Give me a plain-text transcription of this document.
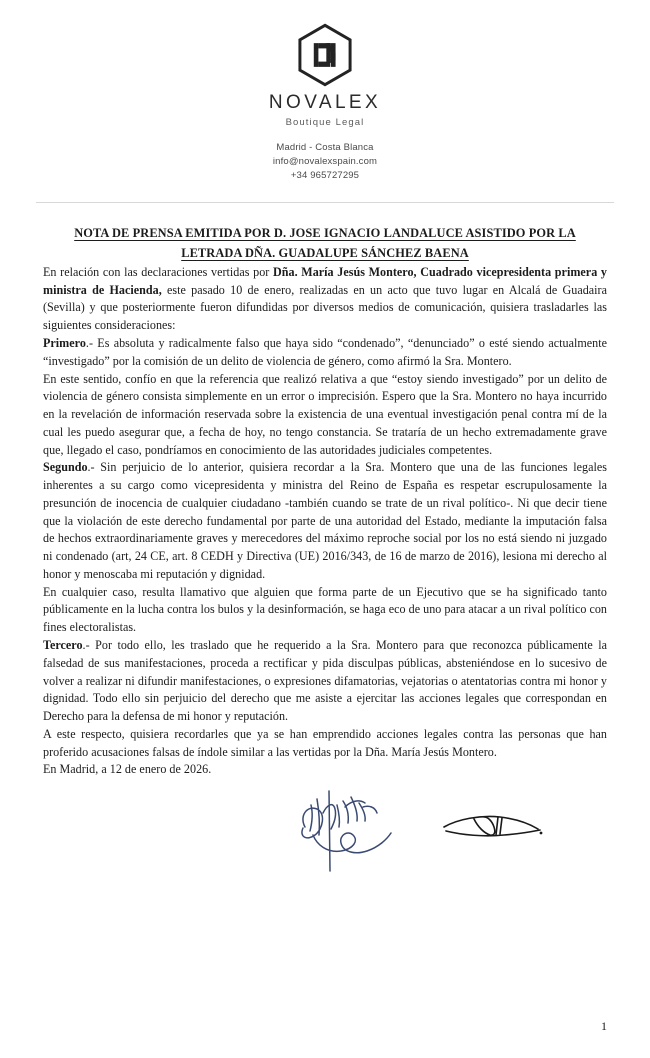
NOVALEX
Boutique Legal
Madrid - Costa Blanca
info@novalexspain.com
+34 965727295
NOTA DE PRENSA EMITIDA POR D. JOSE IGNACIO LANDALUCE ASISTIDO POR LA LETRADA DÑA. GUADALUPE SÁNCHEZ BAENA

En relación con las declaraciones vertidas por Dña. María Jesús Montero, Cuadrado vicepresidenta primera y ministra de Hacienda, este pasado 10 de enero, realizadas en un acto que tuvo lugar en Alcalá de Guadaira (Sevilla) y que posteriormente fueron difundidas por diversos medios de comunicación, quisiera trasladarles las siguientes consideraciones:

Primero.- Es absoluta y radicalmente falso que haya sido “condenado”, “denunciado” o esté siendo actualmente “investigado” por la comisión de un delito de violencia de género, como afirmó la Sra. Montero.

En este sentido, confío en que la referencia que realizó relativa a que “estoy siendo investigado” por un delito de violencia de género consista simplemente en un error o imprecisión. Espero que la Sra. Montero no haya incurrido en la revelación de información reservada sobre la existencia de una eventual investigación penal contra mí de la cual les puedo asegurar que, a fecha de hoy, no tengo constancia. Se trataría de un hecho extremadamente grave que, llegado el caso, pondríamos en conocimiento de las autoridades judiciales competentes.

Segundo.- Sin perjuicio de lo anterior, quisiera recordar a la Sra. Montero que una de las funciones legales inherentes a su cargo como vicepresidenta y ministra del Reino de España es respetar escrupulosamente la presunción de inocencia de cualquier ciudadano -también cuando se trate de un rival político-. Ni que decir tiene que la violación de este derecho fundamental por parte de una autoridad del Estado, mediante la imputación falsa de hechos extraordinariamente graves y merecedores del máximo reproche social por los no está siendo ni juzgado ni condenado (art, 24 CE, art. 8 CEDH y Directiva (UE) 2016/343, de 16 de marzo de 2016), lesiona mi derecho al honor y menoscaba mi reputación y dignidad.

En cualquier caso, resulta llamativo que alguien que forma parte de un Ejecutivo que se ha significado tanto públicamente en la lucha contra los bulos y la desinformación, se haga eco de uno para atacar a un rival político con fines electoralistas.

Tercero.- Por todo ello, les traslado que he requerido a la Sra. Montero para que reconozca públicamente la falsedad de sus manifestaciones, proceda a rectificar y pida disculpas públicas, absteniéndose en lo sucesivo de volver a realizar ni difundir manifestaciones, o expresiones difamatorias, vejatorias o atentatorias contra mi honor y dignidad. Todo ello sin perjuicio del derecho que me asiste a ejercitar las acciones legales que correspondan en Derecho para la defensa de mi honor y reputación.

A este respecto, quisiera recordarles que ya se han emprendido acciones legales contra las personas que han proferido acusaciones falsas de índole similar a las vertidas por la Dña. María Jesús Montero.

En Madrid, a 12 de enero de 2026.

1
